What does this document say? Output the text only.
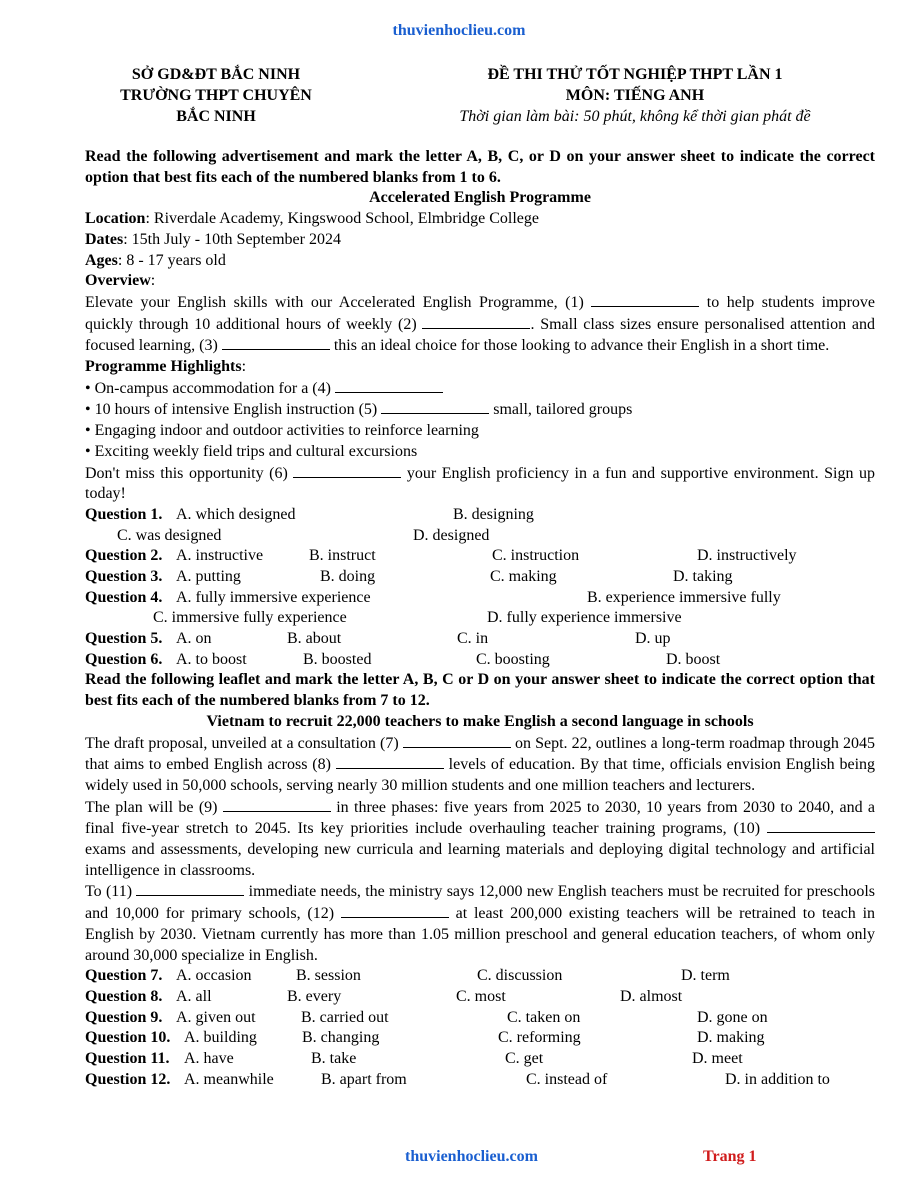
thuvienhoclieu.com
SỞ GD&ĐT BẮC NINH
TRƯỜNG THPT CHUYÊN
BẮC NINH
ĐỀ THI THỬ TỐT NGHIỆP THPT LẦN 1
MÔN: TIẾNG ANH
Thời gian làm bài: 50 phút, không kể thời gian phát đề

Read the following advertisement and mark the letter A, B, C, or D on your answer sheet to indicate the correct option that best fits each of the numbered blanks from 1 to 6.

Accelerated English Programme

Location: Riverdale Academy, Kingswood School, Elmbridge College

Dates: 15th July - 10th September 2024

Ages: 8 - 17 years old

Overview:

Elevate your English skills with our Accelerated English Programme, (1)	to help students improve quickly through 10 additional hours of weekly (2)	. Small class sizes ensure personalised attention and focused learning, (3)	this an ideal choice for those looking to advance their English in a short time.

Programme Highlights:

• On-campus accommodation for a (4)

• 10 hours of intensive English instruction (5)	small, tailored groups

• Engaging indoor and outdoor activities to reinforce learning

• Exciting weekly field trips and cultural excursions

Don't miss this opportunity (6)	your English proficiency in a fun and supportive environment. Sign up today!

Question 1. A. which designed	B. designing
C. was designed	D. designed
Question 2. A. instructive	B. instruct	C. instruction	D. instructively
Question 3. A. putting	B. doing	C. making	D. taking
Question 4. A. fully immersive experience	B. experience immersive fully
C. immersive fully experience	D. fully experience immersive
Question 5. A. on	B. about	C. in	D. up
Question 6. A. to boost	B. boosted	C. boosting	D. boost

Read the following leaflet and mark the letter A, B, C or D on your answer sheet to indicate the correct option that best fits each of the numbered blanks from 7 to 12.

Vietnam to recruit 22,000 teachers to make English a second language in schools

The draft proposal, unveiled at a consultation (7)	on Sept. 22, outlines a long-term roadmap through 2045 that aims to embed English across (8)	levels of education. By that time, officials envision English being widely used in 50,000 schools, serving nearly 30 million students and one million teachers and lecturers.

The plan will be (9)	in three phases: five years from 2025 to 2030, 10 years from 2030 to 2040, and a final five-year stretch to 2045. Its key priorities include overhauling teacher training programs, (10)  exams and assessments, developing new curricula and learning materials and deploying digital technology and artificial intelligence in classrooms.

To (11)	immediate needs, the ministry says 12,000 new English teachers must be recruited for preschools and 10,000 for primary schools, (12)	at least 200,000 existing teachers will be retrained to teach in English by 2030. Vietnam currently has more than 1.05 million preschool and general education teachers, of whom only around 30,000 specialize in English.

Question 7. A. occasion	B. session	C. discussion	D. term
Question 8. A. all	B. every	C. most	D. almost
Question 9. A. given out	B. carried out	C. taken on	D. gone on
Question 10. A. building	B. changing	C. reforming	D. making
Question 11. A. have	B. take	C. get	D. meet
Question 12. A. meanwhile	B. apart from	C. instead of	D. in addition to
thuvienhoclieu.com	Trang 1
